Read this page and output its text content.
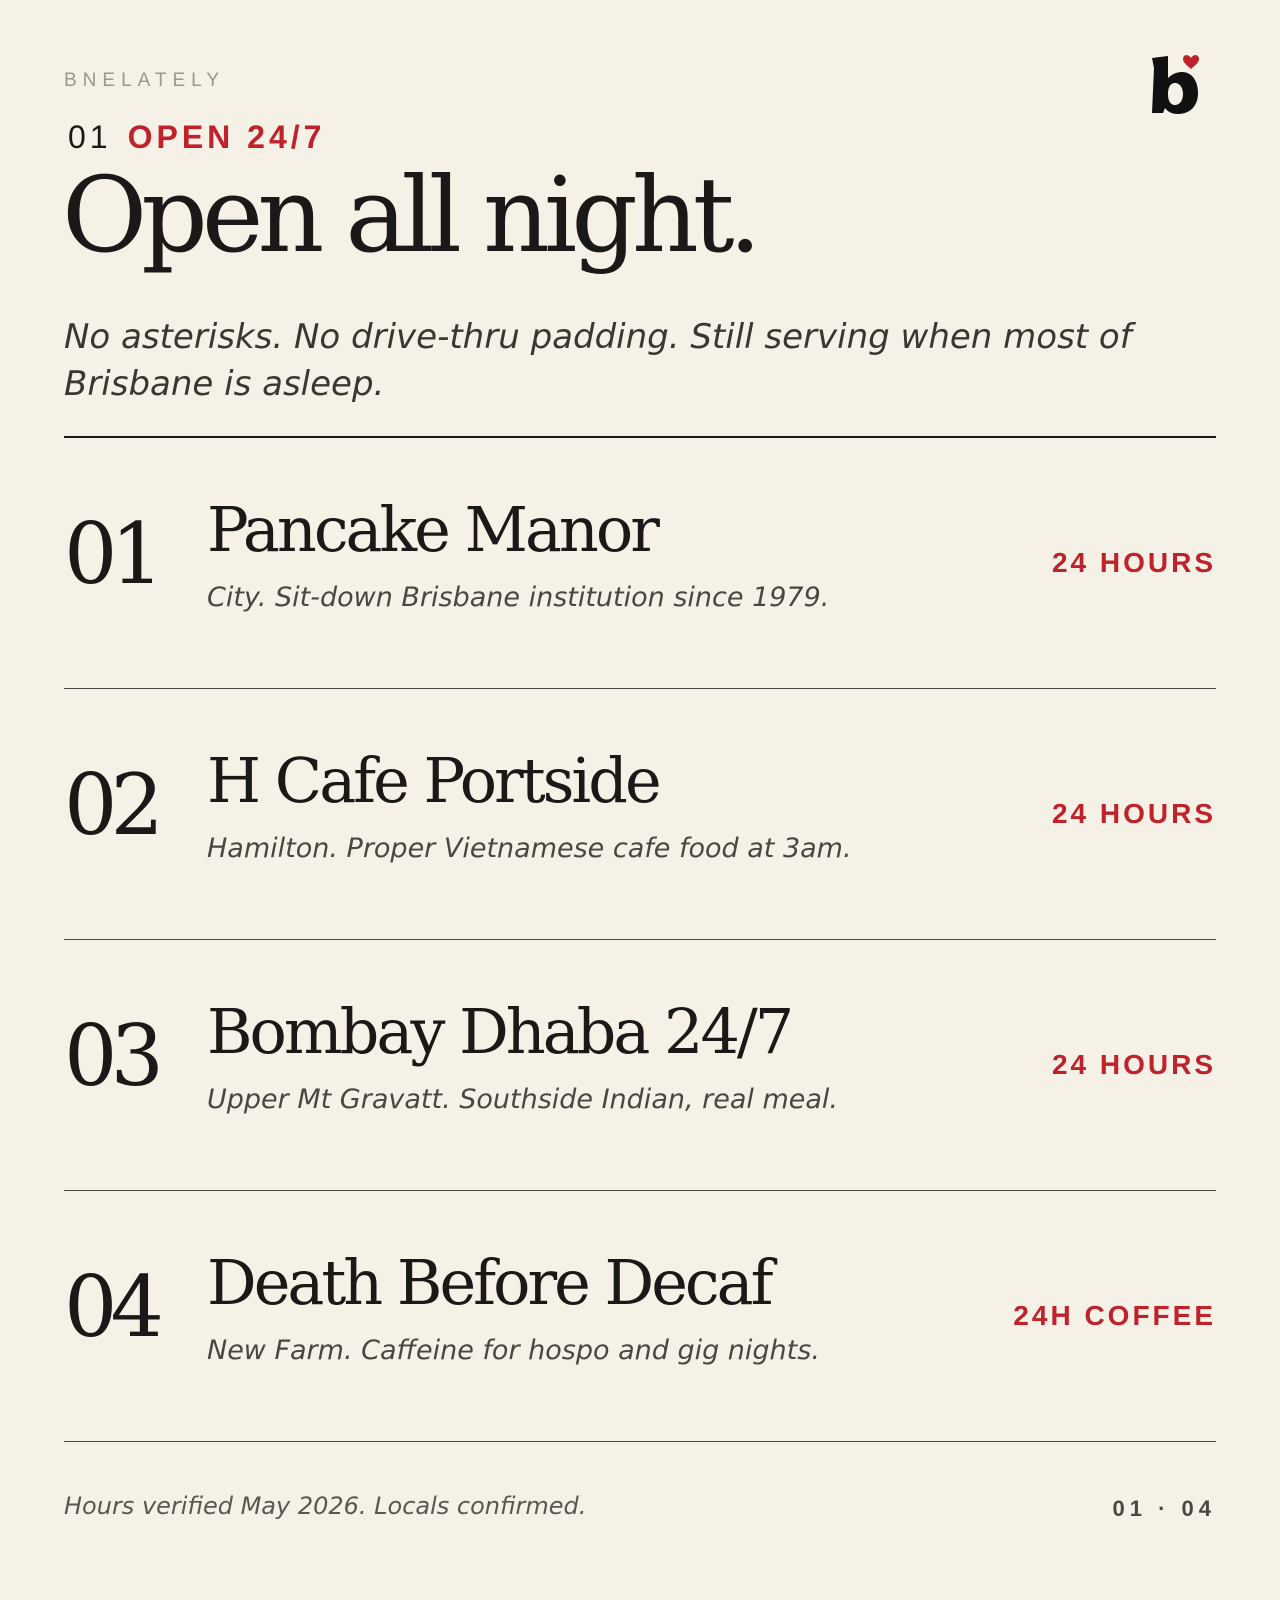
BNELATELY
01 OPEN 24/7
Open all night.

No asterisks. No drive-thru padding. Still serving when most of Brisbane is asleep.

01 Pancake Manor
City. Sit-down Brisbane institution since 1979.
24 HOURS
02 H Cafe Portside
Hamilton. Proper Vietnamese cafe food at 3am.
24 HOURS
03 Bombay Dhaba 24/7
Upper Mt Gravatt. Southside Indian, real meal.
24 HOURS
04 Death Before Decaf
New Farm. Caffeine for hospo and gig nights.
24H COFFEE
Hours verified May 2026. Locals confirmed.	01 · 04
